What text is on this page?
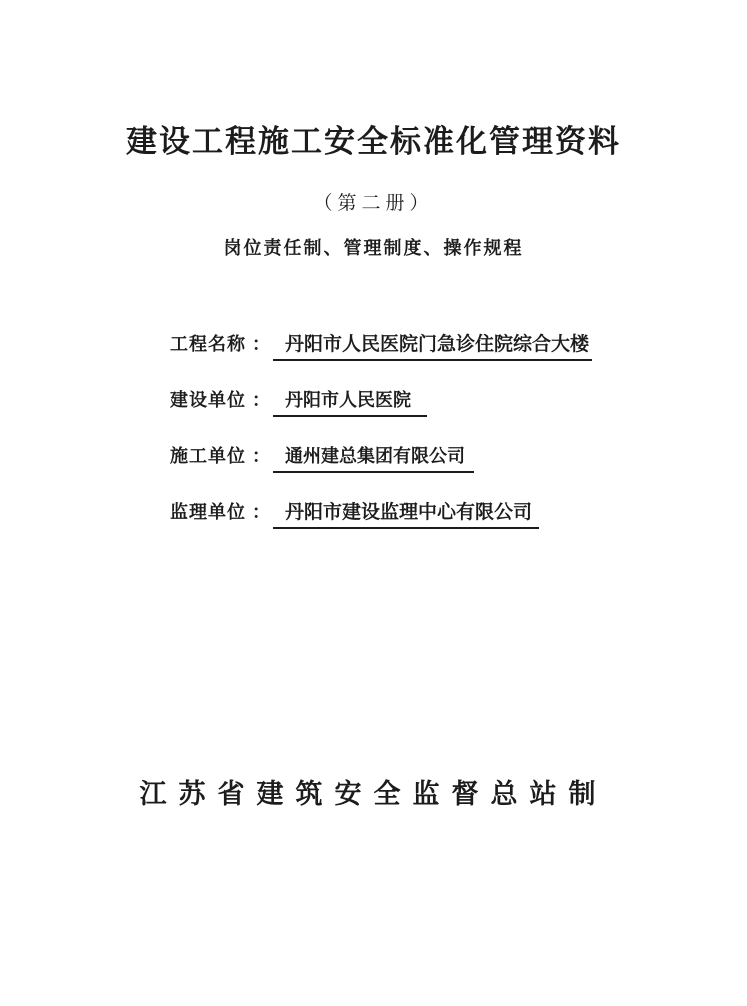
建设工程施工安全标准化管理资料
（第二册）
岗位责任制、管理制度、操作规程
工程名称 ： 丹阳市人民医院门急诊住院综合大楼
建设单位 ： 丹阳市人民医院
施工单位 ： 通州建总集团有限公司
监理单位 ： 丹阳市建设监理中心有限公司
江苏省建筑安全监督总站制
